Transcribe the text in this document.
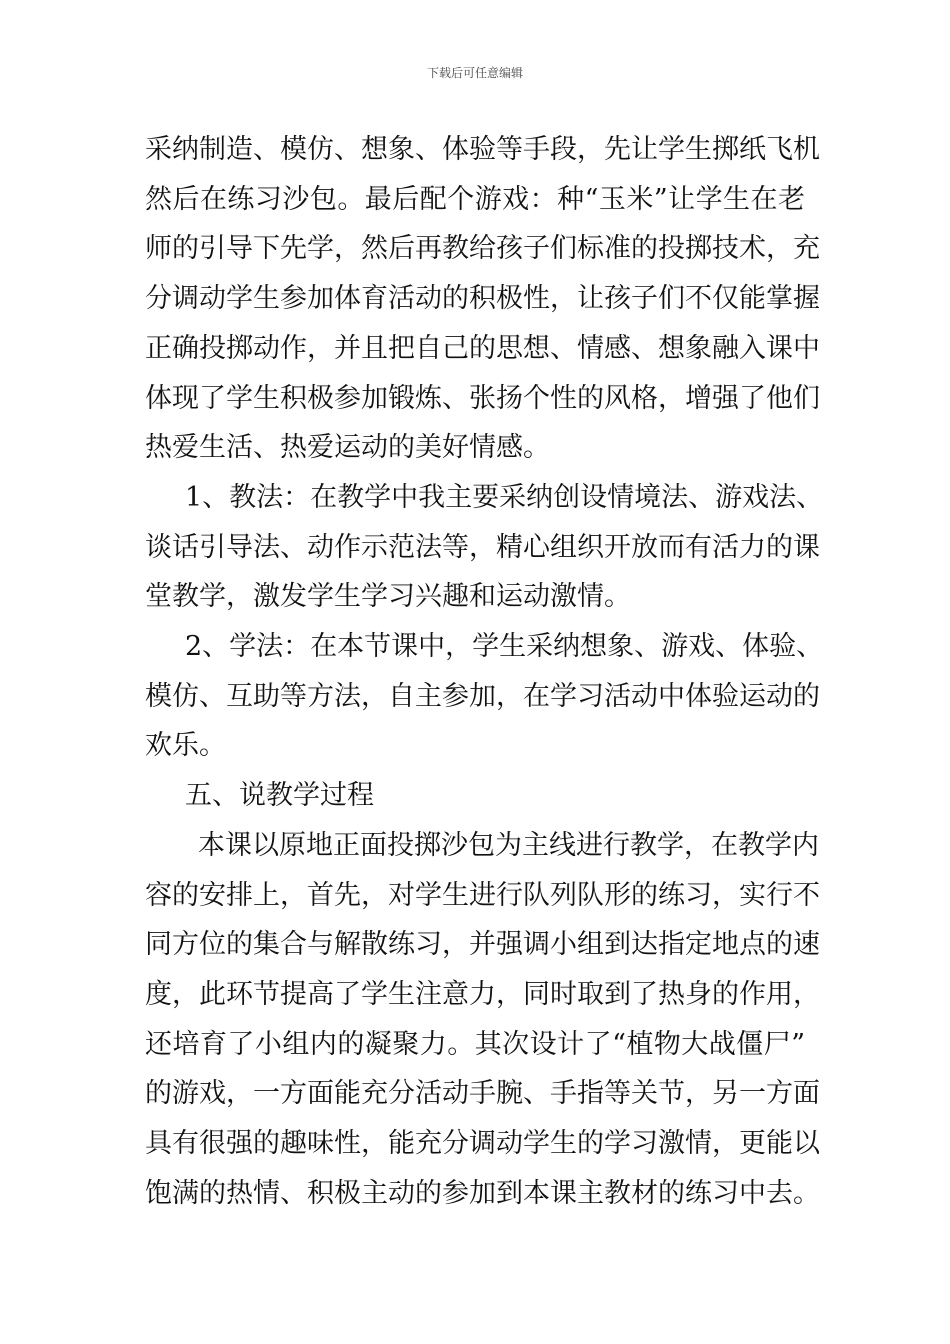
下载后可任意编辑
采纳制造、模仿、想象、体验等手段，先让学生掷纸飞机
然后在练习沙包。最后配个游戏：种“玉米”让学生在老
师的引导下先学，然后再教给孩子们标准的投掷技术，充
分调动学生参加体育活动的积极性，让孩子们不仅能掌握
正确投掷动作，并且把自己的思想、情感、想象融入课中
体现了学生积极参加锻炼、张扬个性的风格，增强了他们
热爱生活、热爱运动的美好情感。
1、教法：在教学中我主要采纳创设情境法、游戏法、
谈话引导法、动作示范法等，精心组织开放而有活力的课
堂教学，激发学生学习兴趣和运动激情。
2、学法：在本节课中，学生采纳想象、游戏、体验、
模仿、互助等方法，自主参加，在学习活动中体验运动的
欢乐。
五、说教学过程
本课以原地正面投掷沙包为主线进行教学，在教学内
容的安排上，首先，对学生进行队列队形的练习，实行不
同方位的集合与解散练习，并强调小组到达指定地点的速
度，此环节提高了学生注意力，同时取到了热身的作用，
还培育了小组内的凝聚力。其次设计了“植物大战僵尸”
的游戏，一方面能充分活动手腕、手指等关节，另一方面
具有很强的趣味性，能充分调动学生的学习激情，更能以
饱满的热情、积极主动的参加到本课主教材的练习中去。
